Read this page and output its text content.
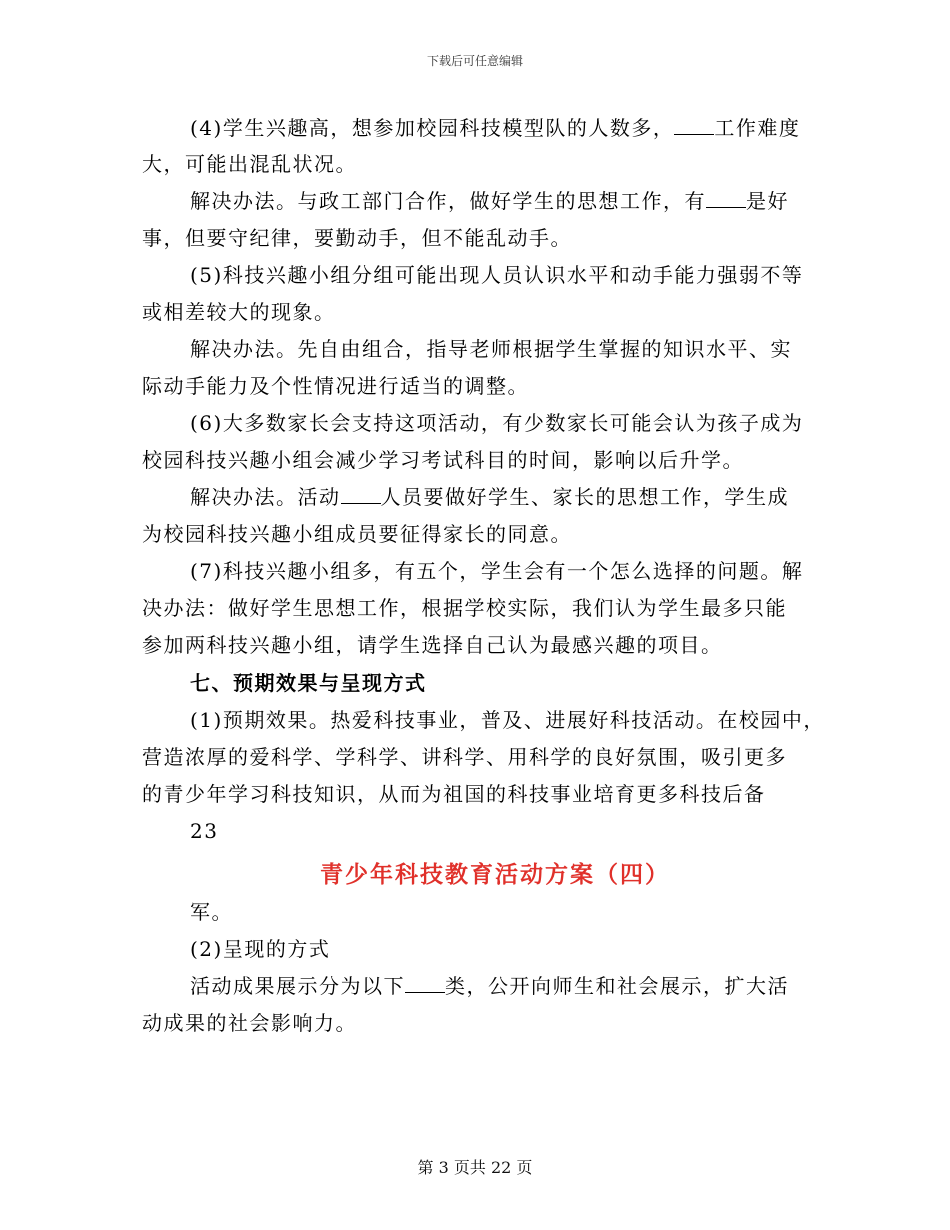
下载后可任意编辑
(4)学生兴趣高，想参加校园科技模型队的人数多， 工作难度
大，可能出混乱状况。
解决办法。与政工部门合作，做好学生的思想工作，有 是好
事，但要守纪律，要勤动手，但不能乱动手。
(5)科技兴趣小组分组可能出现人员认识水平和动手能力强弱不等
或相差较大的现象。
解决办法。先自由组合，指导老师根据学生掌握的知识水平、实
际动手能力及个性情况进行适当的调整。
(6)大多数家长会支持这项活动，有少数家长可能会认为孩子成为
校园科技兴趣小组会减少学习考试科目的时间，影响以后升学。
解决办法。活动 人员要做好学生、家长的思想工作，学生成
为校园科技兴趣小组成员要征得家长的同意。
(7)科技兴趣小组多，有五个，学生会有一个怎么选择的问题。解
决办法：做好学生思想工作，根据学校实际，我们认为学生最多只能
参加两科技兴趣小组，请学生选择自己认为最感兴趣的项目。
七、预期效果与呈现方式
(1)预期效果。热爱科技事业，普及、进展好科技活动。在校园中，
营造浓厚的爱科学、学科学、讲科学、用科学的良好氛围，吸引更多
的青少年学习科技知识，从而为祖国的科技事业培育更多科技后备
23
青少年科技教育活动方案（四）
军。
(2)呈现的方式
活动成果展示分为以下 类，公开向师生和社会展示，扩大活
动成果的社会影响力。
第 3 页共 22 页
